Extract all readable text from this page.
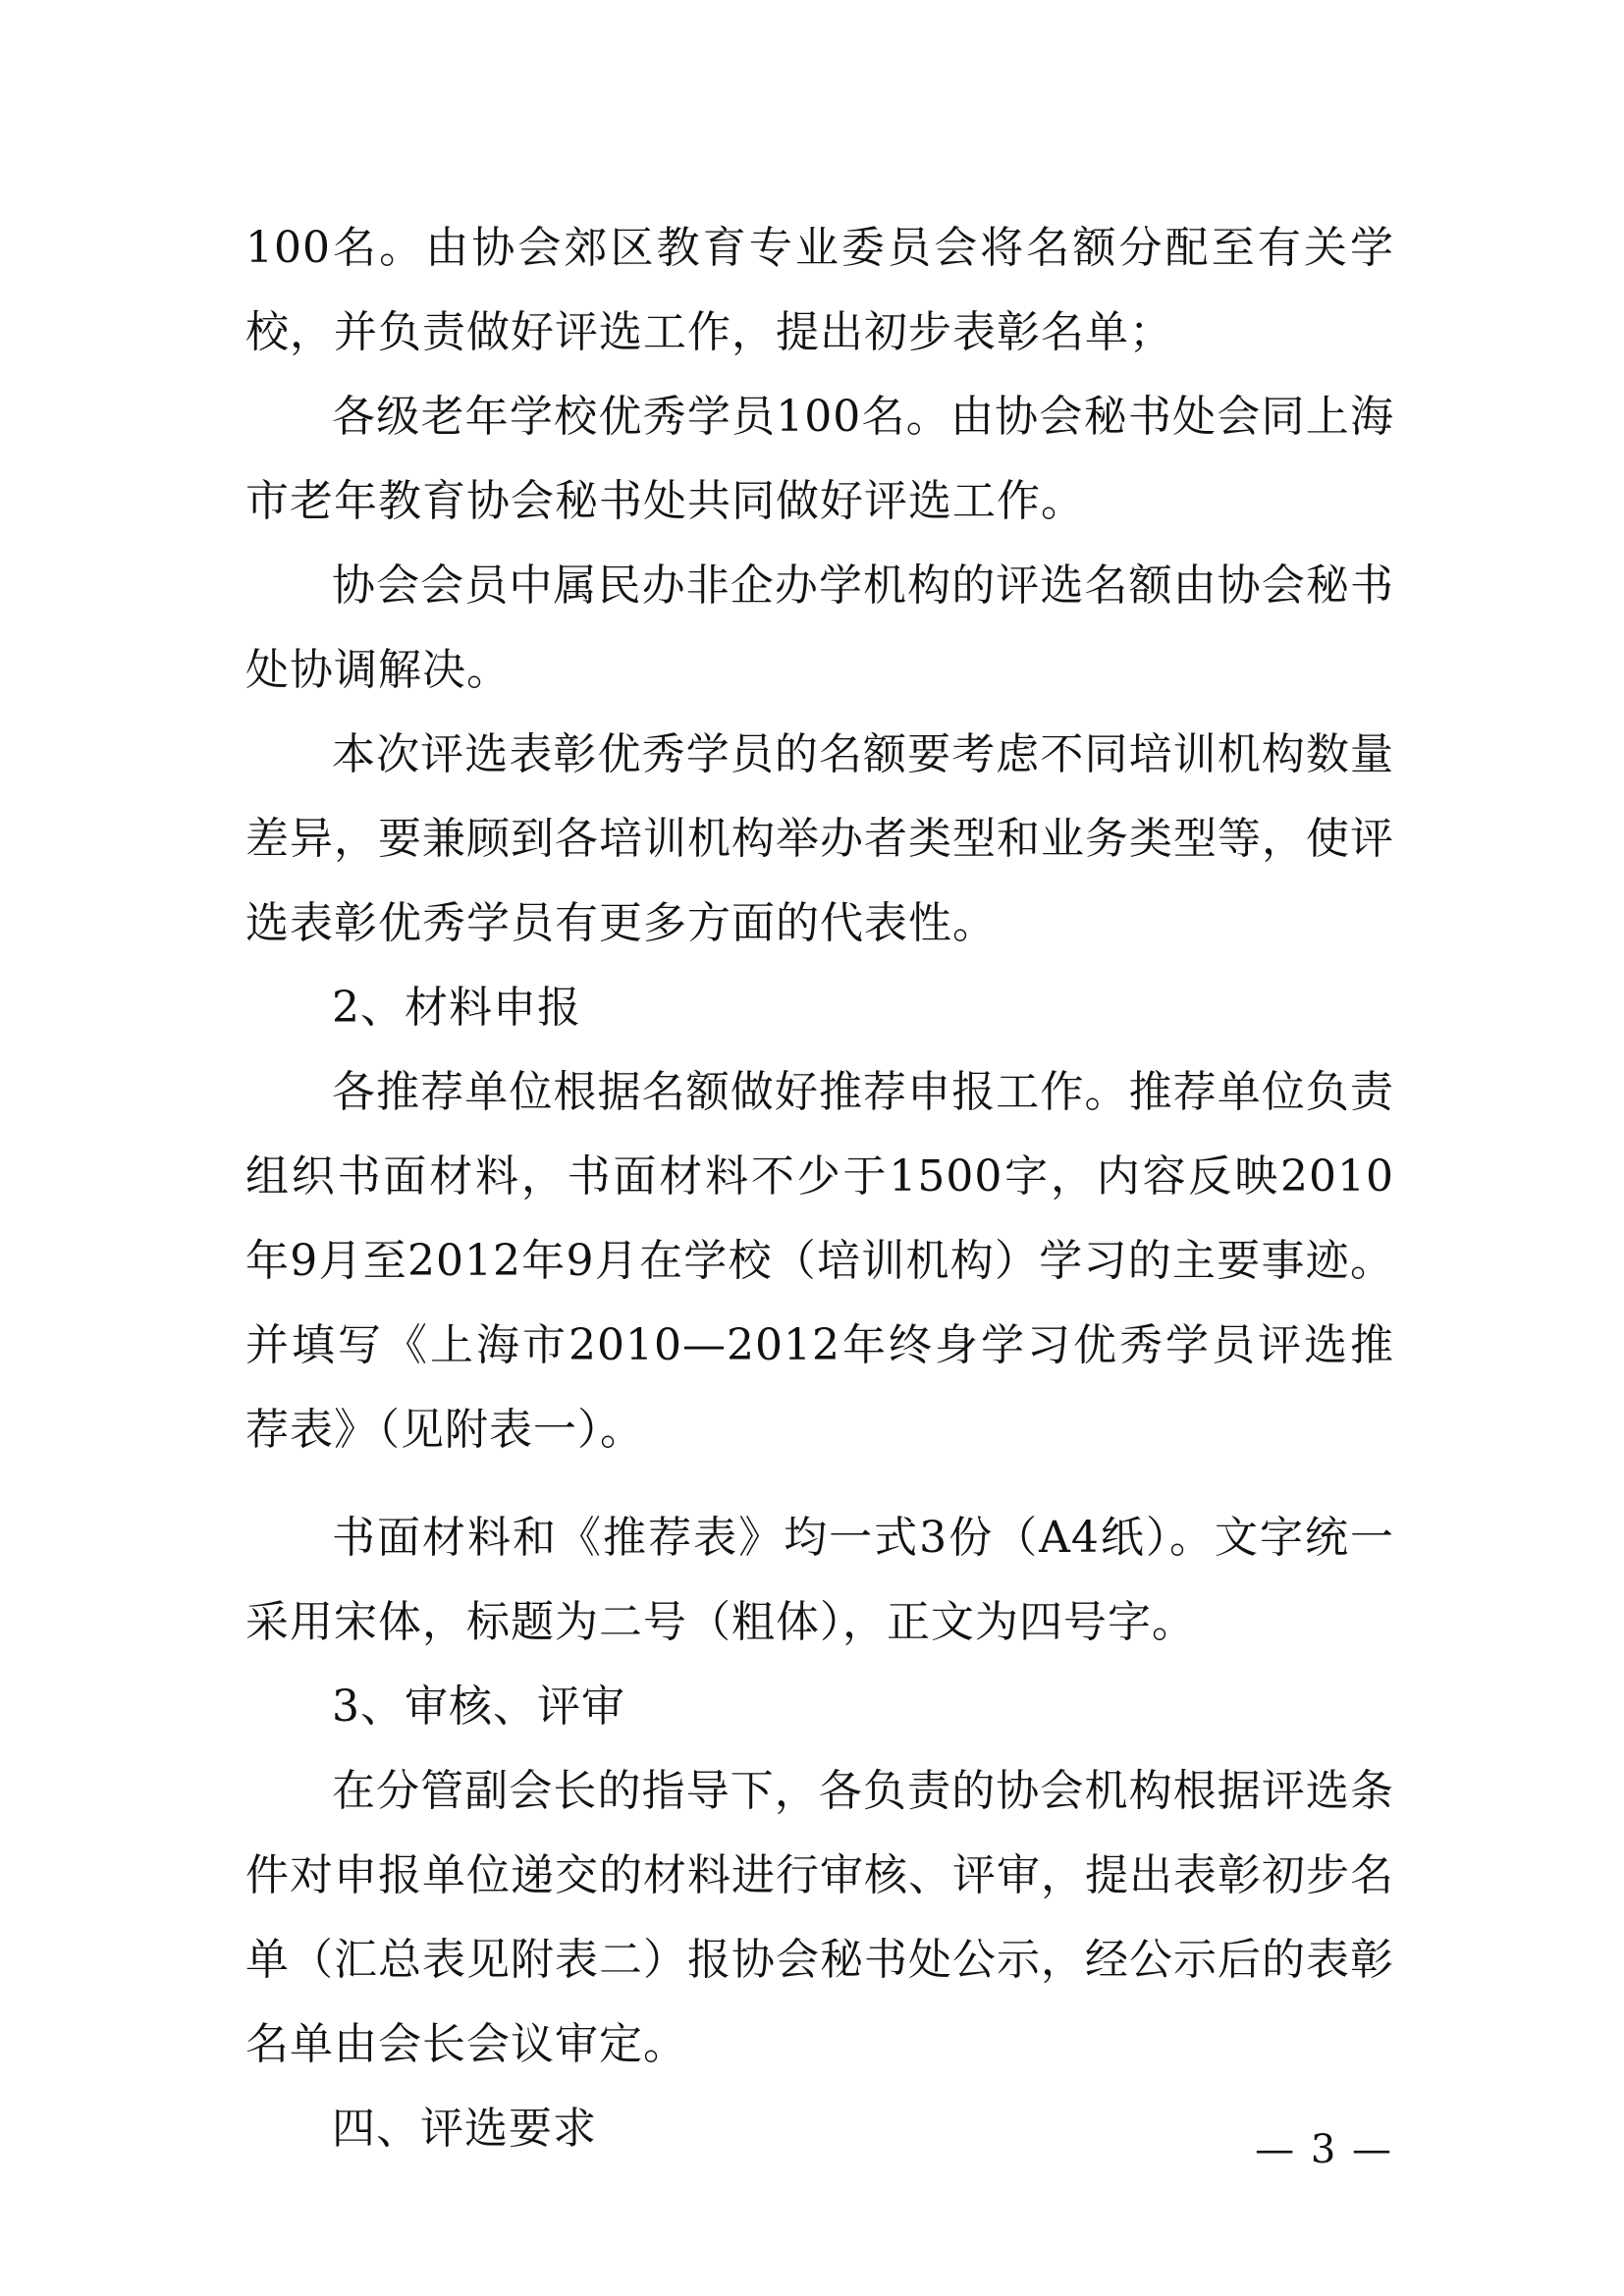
100名。由协会郊区教育专业委员会将名额分配至有关学校，并负责做好评选工作，提出初步表彰名单；

各级老年学校优秀学员100名。由协会秘书处会同上海市老年教育协会秘书处共同做好评选工作。

协会会员中属民办非企办学机构的评选名额由协会秘书处协调解决。

本次评选表彰优秀学员的名额要考虑不同培训机构数量差异，要兼顾到各培训机构举办者类型和业务类型等，使评选表彰优秀学员有更多方面的代表性。

2、材料申报

各推荐单位根据名额做好推荐申报工作。推荐单位负责组织书面材料，书面材料不少于1500字，内容反映2010年9月至2012年9月在学校（培训机构）学习的主要事迹。并填写《上海市2010—2012年终身学习优秀学员评选推荐表》（见附表一）。

书面材料和《推荐表》均一式3份（A4纸）。文字统一采用宋体，标题为二号（粗体），正文为四号字。

3、审核、评审

在分管副会长的指导下，各负责的协会机构根据评选条件对申报单位递交的材料进行审核、评审，提出表彰初步名单（汇总表见附表二）报协会秘书处公示，经公示后的表彰名单由会长会议审定。

四、评选要求	— 3 —
